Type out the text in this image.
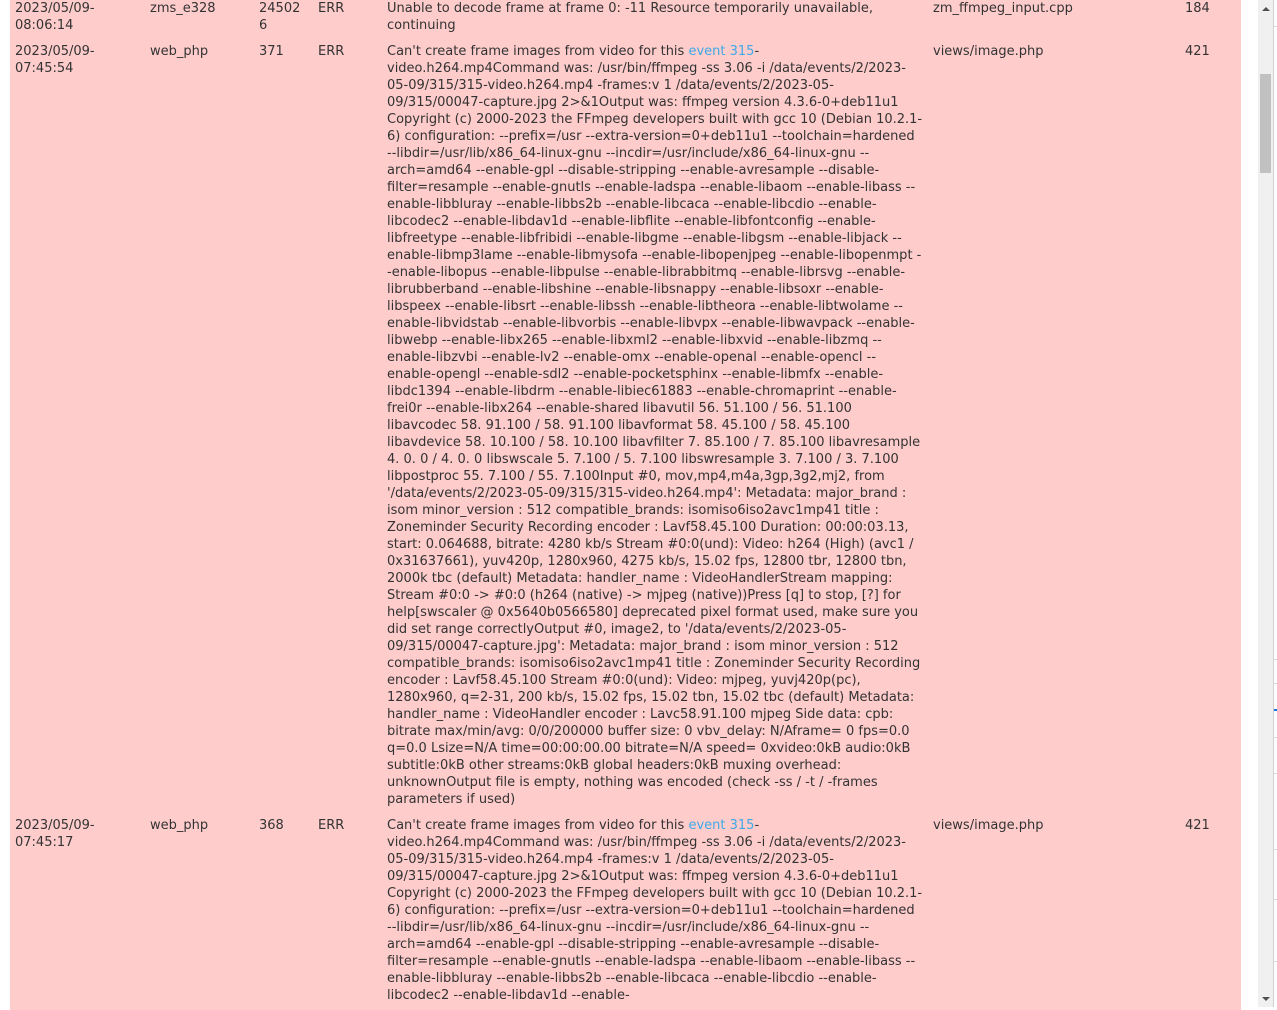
2023/05/09-08:06:14	zms_e328	245026	ERR	Unable to decode frame at frame 0: -11 Resource temporarily unavailable, continuing	zm_ffmpeg_input.cpp	184
2023/05/09-07:45:54	web_php	371	ERR	Can't create frame images from video for this event 315-video.h264.mp4Command was: /usr/bin/ffmpeg -ss 3.06 -i /data/events/2/2023-05-09/315/315-video.h264.mp4 -frames:v 1 /data/events/2/2023-05-09/315/00047-capture.jpg 2>&1Output was: ffmpeg version 4.3.6-0+deb11u1 Copyright (c) 2000-2023 the FFmpeg developers built with gcc 10 (Debian 10.2.1-6) configuration: --prefix=/usr --extra-version=0+deb11u1 --toolchain=hardened --libdir=/usr/lib/x86_64-linux-gnu --incdir=/usr/include/x86_64-linux-gnu --arch=amd64 --enable-gpl --disable-stripping --enable-avresample --disable-filter=resample --enable-gnutls --enable-ladspa --enable-libaom --enable-libass --enable-libbluray --enable-libbs2b --enable-libcaca --enable-libcdio --enable-libcodec2 --enable-libdav1d --enable-libflite --enable-libfontconfig --enable-libfreetype --enable-libfribidi --enable-libgme --enable-libgsm --enable-libjack --enable-libmp3lame --enable-libmysofa --enable-libopenjpeg --enable-libopenmpt --enable-libopus --enable-libpulse --enable-librabbitmq --enable-librsvg --enable-librubberband --enable-libshine --enable-libsnappy --enable-libsoxr --enable-libspeex --enable-libsrt --enable-libssh --enable-libtheora --enable-libtwolame --enable-libvidstab --enable-libvorbis --enable-libvpx --enable-libwavpack --enable-libwebp --enable-libx265 --enable-libxml2 --enable-libxvid --enable-libzmq --enable-libzvbi --enable-lv2 --enable-omx --enable-openal --enable-opencl --enable-opengl --enable-sdl2 --enable-pocketsphinx --enable-libmfx --enable-libdc1394 --enable-libdrm --enable-libiec61883 --enable-chromaprint --enable-frei0r --enable-libx264 --enable-shared libavutil 56. 51.100 / 56. 51.100 libavcodec 58. 91.100 / 58. 91.100 libavformat 58. 45.100 / 58. 45.100 libavdevice 58. 10.100 / 58. 10.100 libavfilter 7. 85.100 / 7. 85.100 libavresample 4. 0. 0 / 4. 0. 0 libswscale 5. 7.100 / 5. 7.100 libswresample 3. 7.100 / 3. 7.100 libpostproc 55. 7.100 / 55. 7.100Input #0, mov,mp4,m4a,3gp,3g2,mj2, from '/data/events/2/2023-05-09/315/315-video.h264.mp4': Metadata: major_brand : isom minor_version : 512 compatible_brands: isomiso6iso2avc1mp41 title : Zoneminder Security Recording encoder : Lavf58.45.100 Duration: 00:00:03.13, start: 0.064688, bitrate: 4280 kb/s Stream #0:0(und): Video: h264 (High) (avc1 / 0x31637661), yuv420p, 1280x960, 4275 kb/s, 15.02 fps, 12800 tbr, 12800 tbn, 2000k tbc (default) Metadata: handler_name : VideoHandlerStream mapping: Stream #0:0 -> #0:0 (h264 (native) -> mjpeg (native))Press [q] to stop, [?] for help[swscaler @ 0x5640b0566580] deprecated pixel format used, make sure you did set range correctlyOutput #0, image2, to '/data/events/2/2023-05-09/315/00047-capture.jpg': Metadata: major_brand : isom minor_version : 512 compatible_brands: isomiso6iso2avc1mp41 title : Zoneminder Security Recording encoder : Lavf58.45.100 Stream #0:0(und): Video: mjpeg, yuvj420p(pc), 1280x960, q=2-31, 200 kb/s, 15.02 fps, 15.02 tbn, 15.02 tbc (default) Metadata: handler_name : VideoHandler encoder : Lavc58.91.100 mjpeg Side data: cpb: bitrate max/min/avg: 0/0/200000 buffer size: 0 vbv_delay: N/Aframe= 0 fps=0.0 q=0.0 Lsize=N/A time=00:00:00.00 bitrate=N/A speed= 0xvideo:0kB audio:0kB subtitle:0kB other streams:0kB global headers:0kB muxing overhead: unknownOutput file is empty, nothing was encoded (check -ss / -t / -frames parameters if used)	views/image.php	421
2023/05/09-07:45:17	web_php	368	ERR	Can't create frame images from video for this event 315-video.h264.mp4Command was: /usr/bin/ffmpeg -ss 3.06 -i /data/events/2/2023-05-09/315/315-video.h264.mp4 -frames:v 1 /data/events/2/2023-05-09/315/00047-capture.jpg 2>&1Output was: ffmpeg version 4.3.6-0+deb11u1 Copyright (c) 2000-2023 the FFmpeg developers built with gcc 10 (Debian 10.2.1-6) configuration: --prefix=/usr --extra-version=0+deb11u1 --toolchain=hardened --libdir=/usr/lib/x86_64-linux-gnu --incdir=/usr/include/x86_64-linux-gnu --arch=amd64 --enable-gpl --disable-stripping --enable-avresample --disable-filter=resample --enable-gnutls --enable-ladspa --enable-libaom --enable-libass --enable-libbluray --enable-libbs2b --enable-libcaca --enable-libcdio --enable-libcodec2 --enable-libdav1d --enable-	views/image.php	421
